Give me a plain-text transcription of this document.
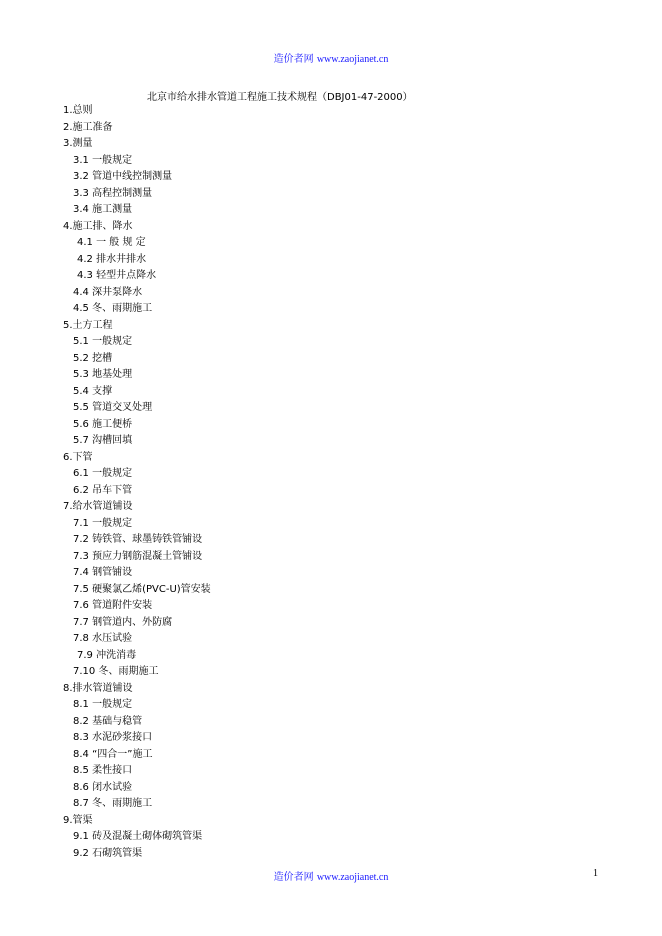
造价者网 www.zaojianet.cn
北京市给水排水管道工程施工技术规程（DBJ01-47-2000）
1.总则
2.施工准备
3.测量
3.1 一般规定
3.2 管道中线控制测量
3.3 高程控制测量
3.4 施工测量
4.施工排、降水
4.1 一 般 规 定
4.2 排水井排水
4.3 轻型井点降水
4.4 深井泵降水
4.5 冬、雨期施工
5.土方工程
5.1 一般规定
5.2 挖槽
5.3 地基处理
5.4 支撑
5.5 管道交叉处理
5.6 施工便桥
5.7 沟槽回填
6.下管
6.1 一般规定
6.2 吊车下管
7.给水管道铺设
7.1 一般规定
7.2 铸铁管、球墨铸铁管铺设
7.3 预应力钢筋混凝土管铺设
7.4 钢管铺设
7.5 硬聚氯乙烯(PVC-U)管安装
7.6 管道附件安装
7.7 钢管道内、外防腐
7.8 水压试验
7.9 冲洗消毒
7.10 冬、雨期施工
8.排水管道铺设
8.1 一般规定
8.2 基础与稳管
8.3 水泥砂浆接口
8.4 “四合一”施工
8.5 柔性接口
8.6 闭水试验
8.7 冬、雨期施工
9.管渠
9.1 砖及混凝土砌体砌筑管渠
9.2 石砌筑管渠
造价者网 www.zaojianet.cn	1
